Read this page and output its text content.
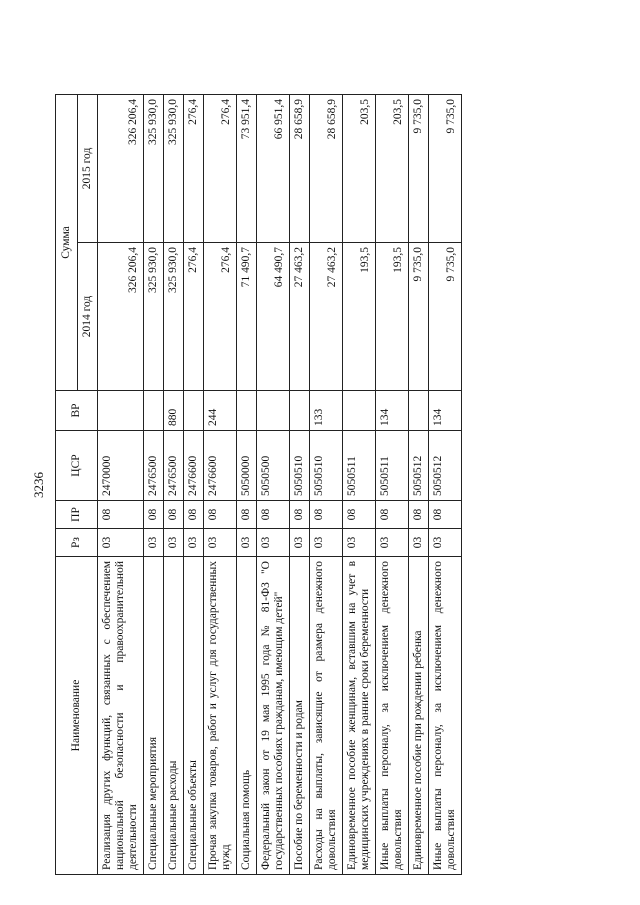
3236
Наименование	Рз	ПР	ЦСР	ВР	Сумма	
					2014 год	2015 год
Реализация других функций, связанных с обеспечением национальной безопасности и правоохранительной деятельности	03	08	2470000		326 206,4	326 206,4
Специальные мероприятия	03	08	2476500		325 930,0	325 930,0
Специальные расходы	03	08	2476500	880	325 930,0	325 930,0
Специальные объекты	03	08	2476600		276,4	276,4
Прочая закупка товаров, работ и услуг для государственных нужд	03	08	2476600	244	276,4	276,4
Социальная помощь	03	08	5050000		71 490,7	73 951,4
Федеральный закон от 19 мая 1995 года № 81-ФЗ "О государственных пособиях гражданам, имеющим детей"	03	08	5050500		64 490,7	66 951,4
Пособие по беременности и родам	03	08	5050510		27 463,2	28 658,9
Расходы на выплаты, зависящие от размера денежного довольствия	03	08	5050510	133	27 463,2	28 658,9
Единовременное пособие женщинам, вставшим на учет в медицинских учреждениях в ранние сроки беременности	03	08	5050511		193,5	203,5
Иные выплаты персоналу, за исключением денежного довольствия	03	08	5050511	134	193,5	203,5
Единовременное пособие при рождении ребенка	03	08	5050512		9 735,0	9 735,0
Иные выплаты персоналу, за исключением денежного довольствия	03	08	5050512	134	9 735,0	9 735,0
